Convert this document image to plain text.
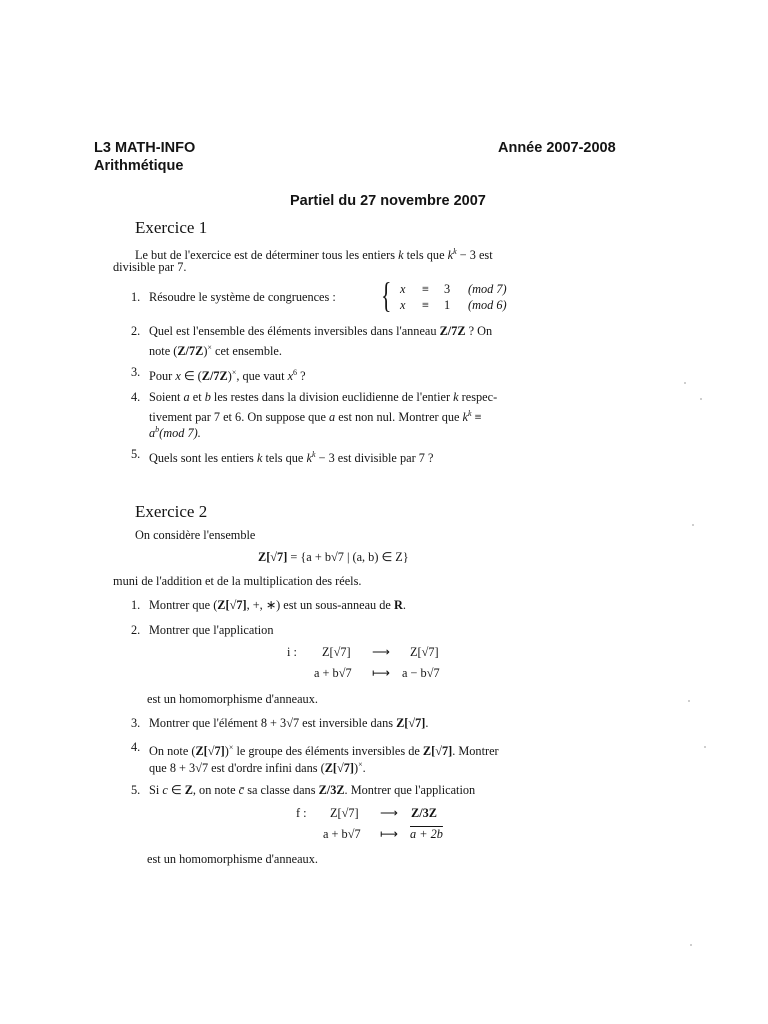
L3 MATH-INFO
Arithmétique
Année 2007-2008
Partiel du 27 novembre 2007
Exercice 1
Le but de l'exercice est de déterminer tous les entiers k tels que $k^k - 3$ est
divisible par 7.
1. Résoudre le système de congruences : { x ≡ 3 (mod 7)
x ≡ 1 (mod 6)
2. Quel est l'ensemble des éléments inversibles dans l'anneau Z/7Z ? On
note (Z/7Z)× cet ensemble.
3. Pour x ∈ (Z/7Z)×, que vaut $x^6$ ?
4. Soient a et b les restes dans la division euclidienne de l'entier k respec-
tivement par 7 et 6. On suppose que a est non nul. Montrer que $k^k$ ≡
$a^b(mod$ 7).
5. Quels sont les entiers k tels que $k^k - 3$ est divisible par 7 ?
Exercice 2
On considère l'ensemble
Z[√7] = {a + b√7 | (a, b) ∈ Z}
muni de l'addition et de la multiplication des réels.
1. Montrer que (Z[√7], +, ∗) est un sous-anneau de R.
2. Montrer que l'application
i : Z[√7] ⟶ Z[√7]
a + b√7 ⟼ a − b√7
est un homomorphisme d'anneaux.
3. Montrer que l'élément 8 + 3√7 est inversible dans Z[√7].
4. On note (Z[√7])× le groupe des éléments inversibles de Z[√7]. Montrer
que 8 + 3√7 est d'ordre infini dans (Z[√7])×.
5. Si c ∈ Z, on note c̄ sa classe dans Z/3Z. Montrer que l'application
f : Z[√7] ⟶ Z/3Z
a + b√7 ⟼ a + 2b
est un homomorphisme d'anneaux.
